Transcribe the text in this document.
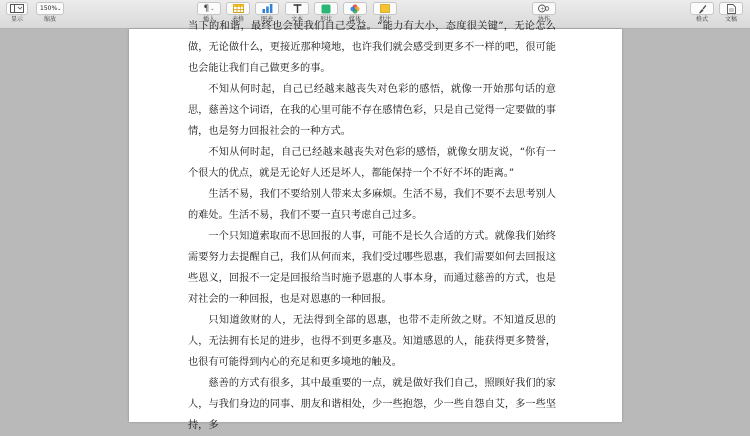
显示
150% ⌄
缩放
¶ ⌄
插入	表格	图表	文本	形状	媒体	批注
+
协作	格式	文稿

当下的和谐，最终也会使我们自己受益。“能力有大小，态度很关键”，无论怎么做，无论做什么，更接近那种境地，也许我们就会感受到更多不一样的吧，很可能也会能让我们自己做更多的事。

不知从何时起，自己已经越来越丧失对色彩的感悟，就像一开始那句话的意思，慈善这个词语，在我的心里可能不存在感情色彩，只是自己觉得一定要做的事情，也是努力回报社会的一种方式。

不知从何时起，自己已经越来越丧失对色彩的感悟，就像女朋友说，“你有一个很大的优点，就是无论好人还是坏人，都能保持一个不好不坏的距离。”

生活不易，我们不要给别人带来太多麻烦。生活不易，我们不要不去思考别人的难处。生活不易，我们不要一直只考虑自己过多。

一个只知道索取而不思回报的人事，可能不是长久合适的方式。就像我们始终需要努力去提醒自己，我们从何而来，我们受过哪些恩惠，我们需要如何去回报这些恩义，回报不一定是回报给当时施予恩惠的人事本身，而通过慈善的方式，也是对社会的一种回报，也是对恩惠的一种回报。

只知道敛财的人，无法得到全部的恩惠，也带不走所敛之财。不知道反思的人，无法拥有长足的进步，也得不到更多惠及。知道感恩的人，能获得更多赞誉，也很有可能得到内心的充足和更多境地的触及。

慈善的方式有很多，其中最重要的一点，就是做好我们自己，照顾好我们的家人，与我们身边的同事、朋友和谐相处，少一些抱怨，少一些自怨自艾，多一些坚持，多
